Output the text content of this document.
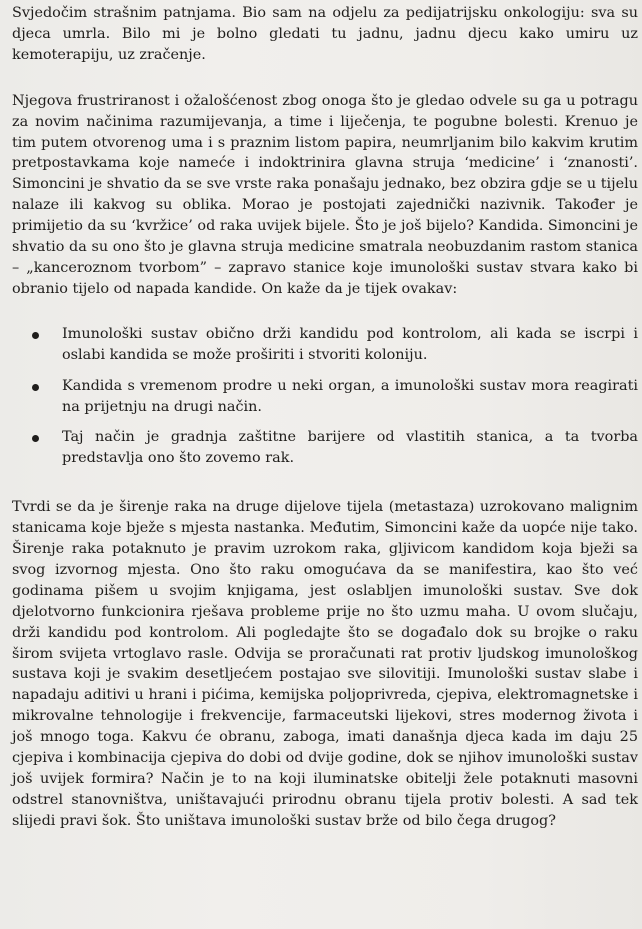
Svjedočim strašnim patnjama. Bio sam na odjelu za pedijatrijsku onkologiju: sva su djeca umrla. Bilo mi je bolno gledati tu jadnu, jadnu djecu kako umiru uz kemoterapiju, uz zračenje.

Njegova frustriranost i ožalošćenost zbog onoga što je gledao odvele su ga u potragu za novim načinima razumijevanja, a time i liječenja, te pogubne bolesti. Krenuo je tim putem otvorenog uma i s praznim listom papira, neumrljanim bilo kakvim krutim pretpostavkama koje nameće i indoktrinira glavna struja ‘medicine’ i ‘znanosti’. Simoncini je shvatio da se sve vrste raka ponašaju jednako, bez obzira gdje se u tijelu nalaze ili kakvog su oblika. Morao je postojati zajednički nazivnik. Također je primijetio da su ‘kvržice’ od raka uvijek bijele. Što je još bijelo? Kandida. Simoncini je shvatio da su ono što je glavna struja medicine smatrala neobuzdanim rastom stanica – „kanceroznom tvorbom” – zapravo stanice koje imunološki sustav stvara kako bi obranio tijelo od napada kandide. On kaže da je tijek ovakav:

Imunološki sustav obično drži kandidu pod kontrolom, ali kada se iscrpi i oslabi kandida se može proširiti i stvoriti koloniju.
Kandida s vremenom prodre u neki organ, a imunološki sustav mora reagirati na prijetnju na drugi način.
Taj način je gradnja zaštitne barijere od vlastitih stanica, a ta tvorba predstavlja ono što zovemo rak.

Tvrdi se da je širenje raka na druge dijelove tijela (metastaza) uzrokovano malignim stanicama koje bježe s mjesta nastanka. Međutim, Simoncini kaže da uopće nije tako. Širenje raka potaknuto je pravim uzrokom raka, gljivicom kandidom koja bježi sa svog izvornog mjesta. Ono što raku omogućava da se manifestira, kao što već godinama pišem u svojim knjigama, jest oslabljen imunološki sustav. Sve dok djelotvorno funkcionira rješava probleme prije no što uzmu maha. U ovom slučaju, drži kandidu pod kontrolom. Ali pogledajte što se događalo dok su brojke o raku širom svijeta vrtoglavo rasle. Odvija se proračunati rat protiv ljudskog imunološkog sustava koji je svakim desetljećem postajao sve silovitiji. Imunološki sustav slabe i napadaju aditivi u hrani i pićima, kemijska poljoprivreda, cjepiva, elektromagnetske i mikrovalne tehnologije i frekvencije, farmaceutski lijekovi, stres modernog života i još mnogo toga. Kakvu će obranu, zaboga, imati današnja djeca kada im daju 25 cjepiva i kombinacija cjepiva do dobi od dvije godine, dok se njihov imunološki sustav još uvijek formira? Način je to na koji iluminatske obitelji žele potaknuti masovni odstrel stanovništva, uništavajući prirodnu obranu tijela protiv bolesti. A sad tek slijedi pravi šok. Što uništava imunološki sustav brže od bilo čega drugog?
